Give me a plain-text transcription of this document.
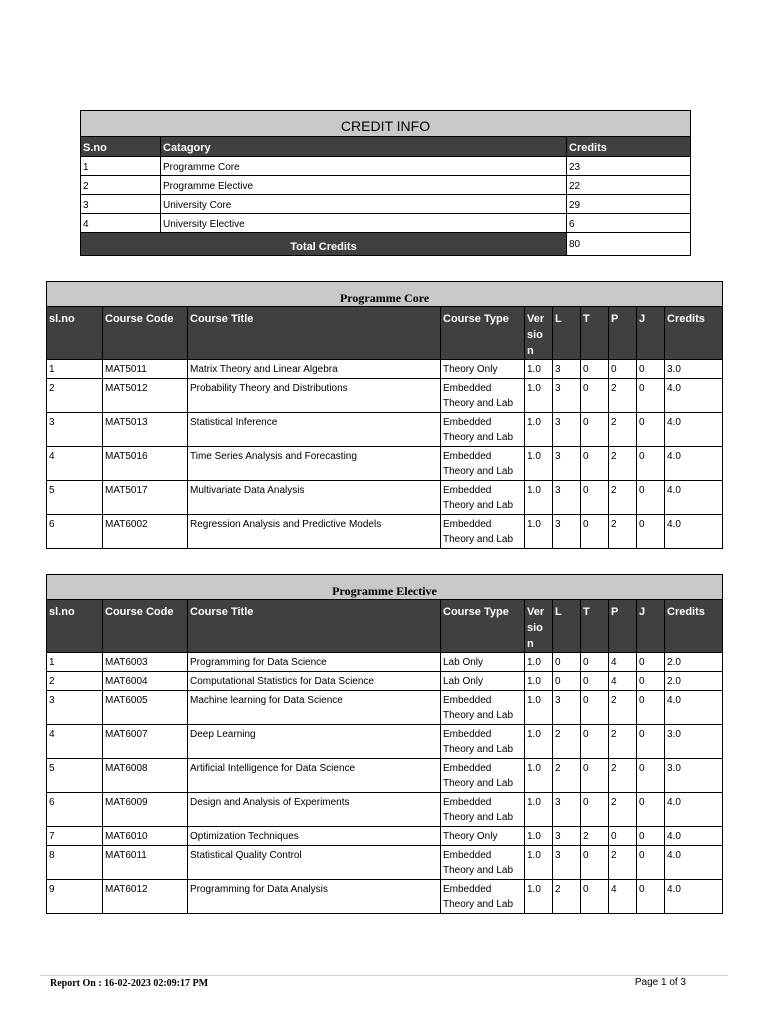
CREDIT INFO		
S.no	Catagory	Credits
1	Programme Core	23
2	Programme Elective	22
3	University Core	29
4	University Elective	6
Total Credits		80
Programme Core									
sl.no	Course Code	Course Title	Course Type	Ver sio n	L	T	P	J	Credits
1	MAT5011	Matrix Theory and Linear Algebra	Theory Only	1.0	3	0	0	0	3.0
2	MAT5012	Probability Theory and Distributions	Embedded Theory and Lab	1.0	3	0	2	0	4.0
3	MAT5013	Statistical Inference	Embedded Theory and Lab	1.0	3	0	2	0	4.0
4	MAT5016	Time Series Analysis and Forecasting	Embedded Theory and Lab	1.0	3	0	2	0	4.0
5	MAT5017	Multivariate Data Analysis	Embedded Theory and Lab	1.0	3	0	2	0	4.0
6	MAT6002	Regression Analysis and Predictive Models	Embedded Theory and Lab	1.0	3	0	2	0	4.0
Programme Elective									
sl.no	Course Code	Course Title	Course Type	Ver sio n	L	T	P	J	Credits
1	MAT6003	Programming for Data Science	Lab Only	1.0	0	0	4	0	2.0
2	MAT6004	Computational Statistics for Data Science	Lab Only	1.0	0	0	4	0	2.0
3	MAT6005	Machine learning for Data Science	Embedded Theory and Lab	1.0	3	0	2	0	4.0
4	MAT6007	Deep Learning	Embedded Theory and Lab	1.0	2	0	2	0	3.0
5	MAT6008	Artificial Intelligence for Data Science	Embedded Theory and Lab	1.0	2	0	2	0	3.0
6	MAT6009	Design and Analysis of Experiments	Embedded Theory and Lab	1.0	3	0	2	0	4.0
7	MAT6010	Optimization Techniques	Theory Only	1.0	3	2	0	0	4.0
8	MAT6011	Statistical Quality Control	Embedded Theory and Lab	1.0	3	0	2	0	4.0
9	MAT6012	Programming for Data Analysis	Embedded Theory and Lab	1.0	2	0	4	0	4.0
Report On : 16-02-2023 02:09:17 PM	Page 1 of 3
